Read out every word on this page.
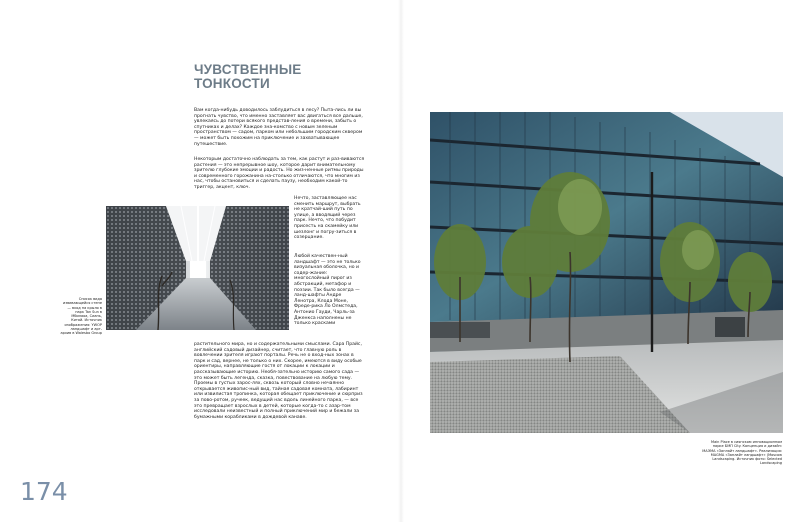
ЧУВСТВЕННЫЕ
ТОНКОСТИ

Вам когда-нибудь доводилось заблудиться в лесу? Пыта-лись ли вы прогнать чувство, что именно заставляет вас двигаться все дальше, увлекаясь до потери всякого представ-ления о времени, забыть о спутниках и делах? Каждое зна-комство с новым зеленым пространством — садом, парком или небольшим городским сквером — может быть похожим на приключение и захватывающее путешествие.

Некоторым достаточно наблюдать за тем, как растут и раз-виваются растения — это непрерывное шоу, которое дарит внимательному зрителю глубокие эмоции и радость. Но жиз-ненные ритмы природы и современного горожанина на-столько отличаются, что многим из нас, чтобы остановиться и сделать паузу, необходим какой-то триггер, акцент, ключ.

Нечто, заставляющее нас сменить маршрут, выбрать не кратчай-ший путь по улице, а вводящий через парк. Нечто, что побудит присесть на скамейку или шезлонг и погру-зиться в созерцание.

Любой качествен-ный ландшафт — это не только визуальная оболочка, но и содер-жание: многослойный пирог из абстракций, метафор и поэзии. Так было всегда — ланд-шафты Андре Ленотра, Клода Моне, Фреде-рика Ло Олмстеда, Антонио Гауди, Чарль-за Дженкса наполнены не только красками

растительного мира, но и содержательными смыслами. Сара Прайс, английский садовый дизайнер, считает, что главную роль в вовлечении зрителя играют порталы. Речь не о вход-ных зонах в парк и сад, вернее, не только о них. Скорее, имеются в виду особые ориентиры, направляющие гостя от локации к локации и рассказывающие историю. Необя-зательно историю самого сада — это может быть легенда, сказка, повествование на любую тему. Проемы в густых зарос-лях, сквозь который словно нечаянно открывается живопис-ный вид, тайная садовая комната, лабиринт или извилистая тропинка, которая обещает приключение и сюрприз за пово-ротом, ручеек, ведущий нас вдоль линейного парка, — все это превращает взрослых в детей, которые когда-то с азар-том исследовали неизвестный и полный приключений мир и бежали за бумажными корабликами в дождевой канаве.

Список вида извивающейся стене — вход на крыло в парк Tan Sun в Мбилаоа, Сиань, Китай. Источник изображения: YWOP ландшафт и арт-архив в Walesbo Group

Main Place в сиянском инновационном парке БМП City. Концепция и дизайн: МАЭМА «Заплайт ландшафт». Реализация: MAGMA «Заплайт ландшафт» (Moscow Landscaping. Источник фото: Selected Landscaping

174
